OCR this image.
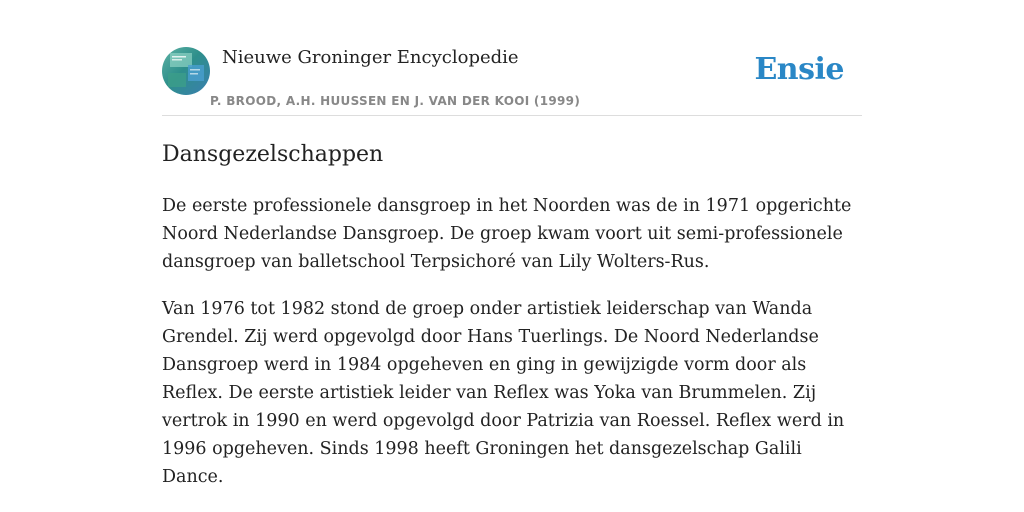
Nieuwe Groninger Encyclopedie
P. BROOD, A.H. HUUSSEN EN J. VAN DER KOOI (1999)
Ensie
Dansgezelschappen

De eerste professionele dansgroep in het Noorden was de in 1971 opgerichte Noord Nederlandse Dansgroep. De groep kwam voort uit semi-professionele dansgroep van balletschool Terpsichoré van Lily Wolters-Rus.

Van 1976 tot 1982 stond de groep onder artistiek leiderschap van Wanda Grendel. Zij werd opgevolgd door Hans Tuerlings. De Noord Nederlandse Dansgroep werd in 1984 opgeheven en ging in gewijzigde vorm door als Reflex. De eerste artistiek leider van Reflex was Yoka van Brummelen. Zij vertrok in 1990 en werd opgevolgd door Patrizia van Roessel. Reflex werd in 1996 opgeheven. Sinds 1998 heeft Groningen het dansgezelschap Galili Dance.
